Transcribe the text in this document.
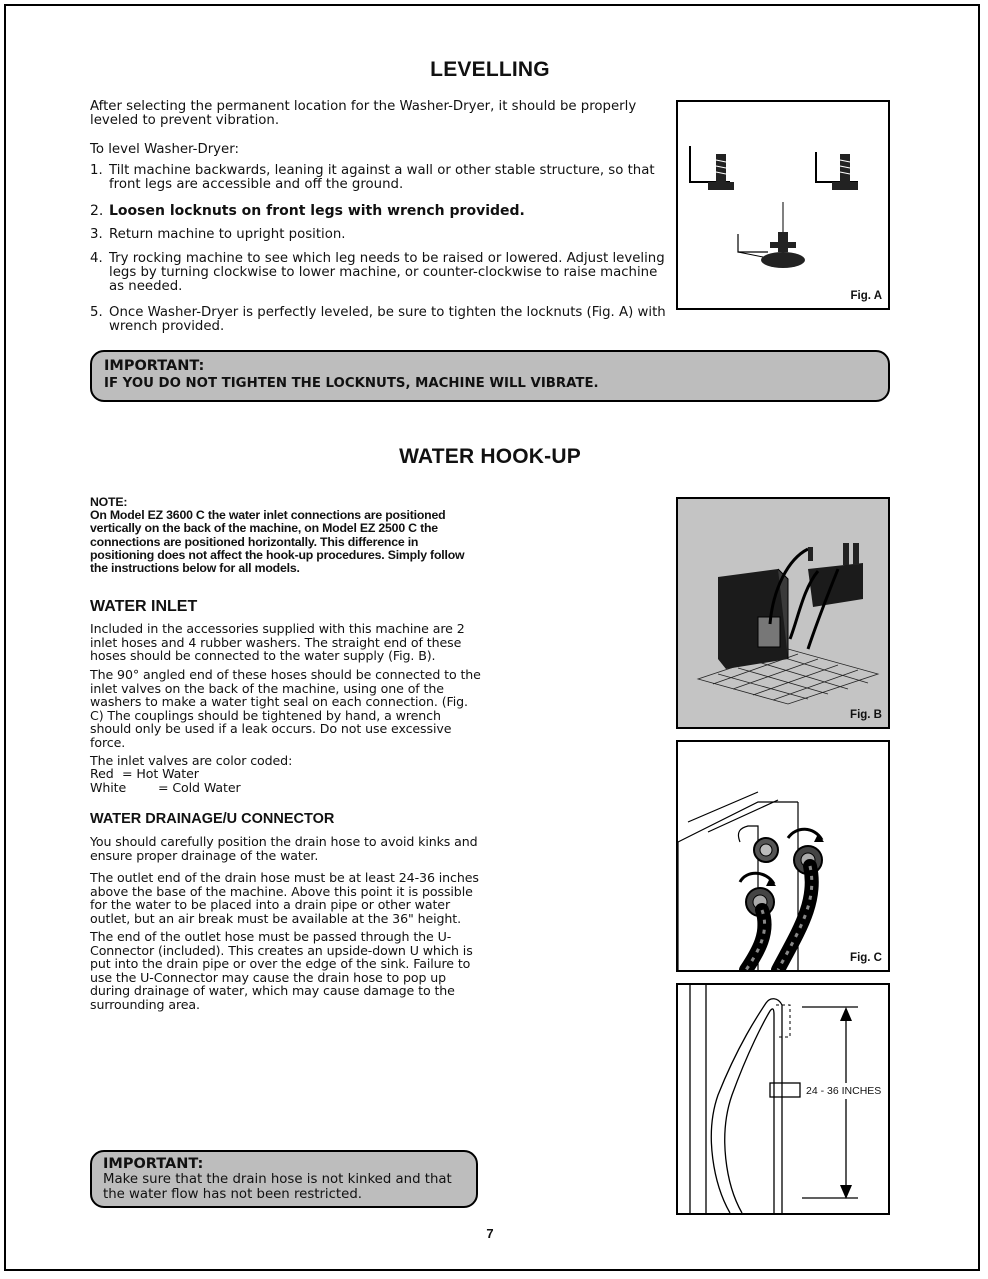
LEVELLING
After selecting the permanent location for the Washer-Dryer, it should be properly leveled to prevent vibration.
To level Washer-Dryer:
1. Tilt machine backwards, leaning it against a wall or other stable structure, so that front legs are accessible and off the ground.
2. Loosen locknuts on front legs with wrench provided.
3. Return machine to upright position.
4. Try rocking machine to see which leg needs to be raised or lowered. Adjust leveling legs by turning clockwise to lower machine, or counter-clockwise to raise machine as needed.
5. Once Washer-Dryer is perfectly leveled, be sure to tighten the locknuts (Fig. A) with wrench provided.
Fig. A
IMPORTANT:
IF YOU DO NOT TIGHTEN THE LOCKNUTS, MACHINE WILL VIBRATE.
WATER HOOK-UP
NOTE:
On Model EZ 3600 C the water inlet connections are positioned vertically on the back of the machine, on Model EZ 2500 C the connections are positioned horizontally. This difference in positioning does not affect the hook-up procedures. Simply follow the instructions below for all models.
WATER INLET
Included in the accessories supplied with this machine are 2 inlet hoses and 4 rubber washers. The straight end of these hoses should be connected to the water supply (Fig. B).
The 90° angled end of these hoses should be connected to the inlet valves on the back of the machine, using one of the washers to make a water tight seal on each connection. (Fig. C) The couplings should be tightened by hand, a wrench should only be used if a leak occurs. Do not use excessive force.
The inlet valves are color coded:
Red = Hot Water
White	= Cold Water
WATER DRAINAGE/U CONNECTOR
You should carefully position the drain hose to avoid kinks and ensure proper drainage of the water.
The outlet end of the drain hose must be at least 24-36 inches above the base of the machine. Above this point it is possible for the water to be placed into a drain pipe or other water outlet, but an air break must be available at the 36" height.
The end of the outlet hose must be passed through the U-Connector (included). This creates an upside-down U which is put into the drain pipe or over the edge of the sink. Failure to use the U-Connector may cause the drain hose to pop up during drainage of water, which may cause damage to the surrounding area.
Fig. B
Fig. C
24 - 36 INCHES
IMPORTANT:
Make sure that the drain hose is not kinked and that the water flow has not been restricted.
7
